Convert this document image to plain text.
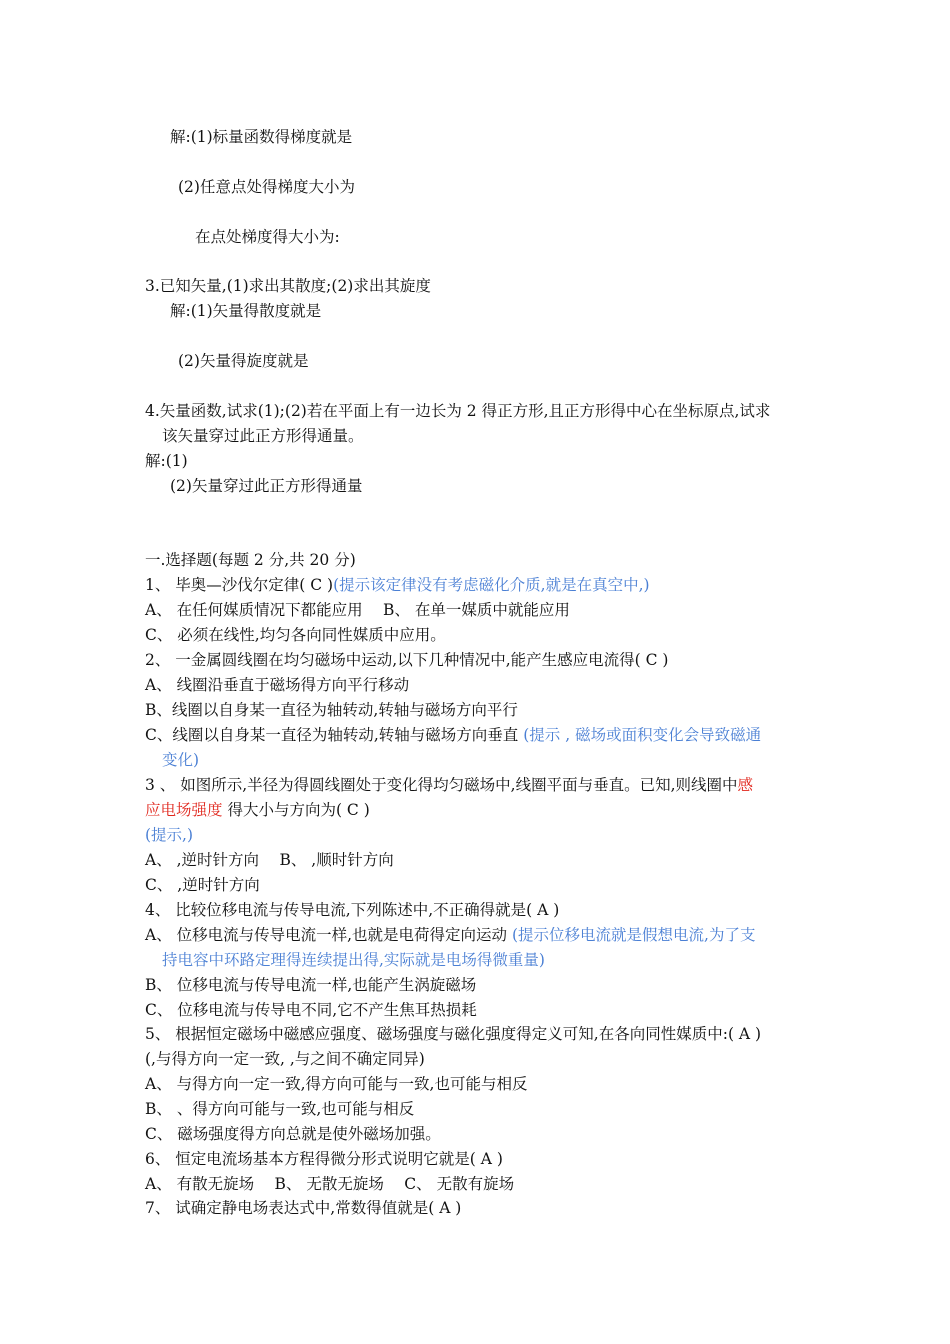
解:(1)标量函数得梯度就是
(2)任意点处得梯度大小为
在点处梯度得大小为:
3.已知矢量,(1)求出其散度;(2)求出其旋度
解:(1)矢量得散度就是
(2)矢量得旋度就是
4.矢量函数,试求(1);(2)若在平面上有一边长为 2 得正方形,且正方形得中心在坐标原点,试求
该矢量穿过此正方形得通量。
解:(1)
(2)矢量穿过此正方形得通量
一.选择题(每题 2 分,共 20 分)
1、 毕奥—沙伐尔定律( C )(提示该定律没有考虑磁化介质,就是在真空中,)
A、 在任何媒质情况下都能应用　 B、 在单一媒质中就能应用
C、 必须在线性,均匀各向同性媒质中应用。
2、 一金属圆线圈在均匀磁场中运动,以下几种情况中,能产生感应电流得( C )
A、 线圈沿垂直于磁场得方向平行移动
B、线圈以自身某一直径为轴转动,转轴与磁场方向平行
C、线圈以自身某一直径为轴转动,转轴与磁场方向垂直 (提示 , 磁场或面积变化会导致磁通
变化)
3 、 如图所示,半径为得圆线圈处于变化得均匀磁场中,线圈平面与垂直。已知,则线圈中感
应电场强度 得大小与方向为( C )
(提示,)
A、 ,逆时针方向　 B、 ,顺时针方向
C、 ,逆时针方向
4、 比较位移电流与传导电流,下列陈述中,不正确得就是( A )
A、 位移电流与传导电流一样,也就是电荷得定向运动 (提示位移电流就是假想电流,为了支
持电容中环路定理得连续提出得,实际就是电场得微重量)
B、 位移电流与传导电流一样,也能产生涡旋磁场
C、 位移电流与传导电不同,它不产生焦耳热损耗
5、 根据恒定磁场中磁感应强度、磁场强度与磁化强度得定义可知,在各向同性媒质中:( A )
(,与得方向一定一致, ,与之间不确定同异)
A、 与得方向一定一致,得方向可能与一致,也可能与相反
B、 、得方向可能与一致,也可能与相反
C、 磁场强度得方向总就是使外磁场加强。
6、 恒定电流场基本方程得微分形式说明它就是( A )
A、 有散无旋场　 B、 无散无旋场　 C、 无散有旋场
7、 试确定静电场表达式中,常数得值就是( A )
